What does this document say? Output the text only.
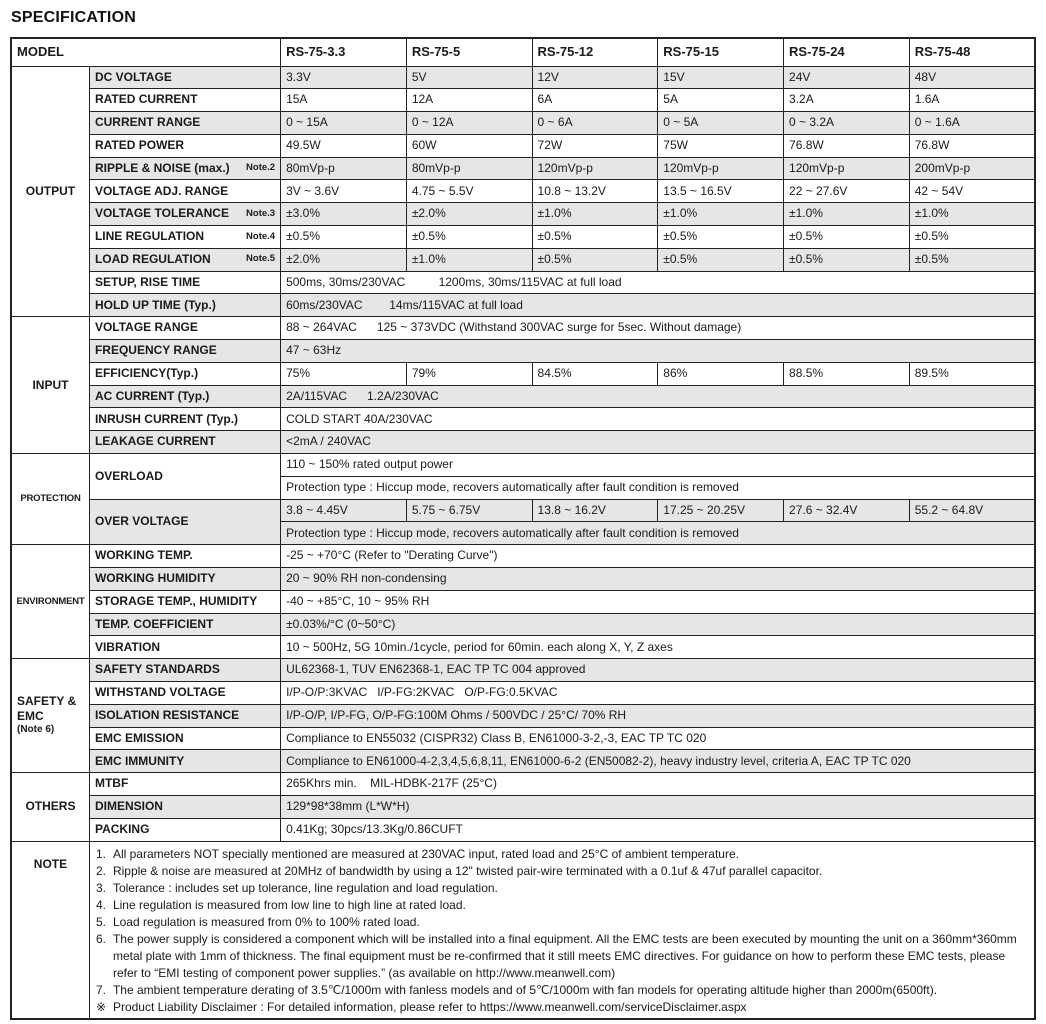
SPECIFICATION
MODEL		RS-75-3.3	RS-75-5	RS-75-12	RS-75-15	RS-75-24	RS-75-48

OUTPUT	DC VOLTAGE	3.3V	5V	12V	15V	24V	48V

	RATED CURRENT	15A	12A	6A	5A	3.2A	1.6A

	CURRENT RANGE	0 ~ 15A	0 ~ 12A	0 ~ 6A	0 ~ 5A	0 ~ 3.2A	0 ~ 1.6A

	RATED POWER	49.5W	60W	72W	75W	76.8W	76.8W

	RIPPLE & NOISE (max.) Note.2	80mVp-p	80mVp-p	120mVp-p	120mVp-p	120mVp-p	200mVp-p

	VOLTAGE ADJ. RANGE	3V ~ 3.6V	4.75 ~ 5.5V	10.8 ~ 13.2V	13.5 ~ 16.5V	22 ~ 27.6V	42 ~ 54V

	VOLTAGE TOLERANCE Note.3	±3.0%	±2.0%	±1.0%	±1.0%	±1.0%	±1.0%

	LINE REGULATION Note.4	±0.5%	±0.5%	±0.5%	±0.5%	±0.5%	±0.5%

	LOAD REGULATION Note.5	±2.0%	±1.0%	±0.5%	±0.5%	±0.5%	±0.5%

	SETUP, RISE TIME	500ms, 30ms/230VAC          1200ms, 30ms/115VAC at full load					

	HOLD UP TIME (Typ.)	60ms/230VAC        14ms/115VAC at full load					

INPUT	VOLTAGE RANGE	88 ~ 264VAC      125 ~ 373VDC (Withstand 300VAC surge for 5sec. Without damage)					

	FREQUENCY RANGE	47 ~ 63Hz					

	EFFICIENCY(Typ.)	75%	79%	84.5%	86%	88.5%	89.5%

	AC CURRENT (Typ.)	2A/115VAC      1.2A/230VAC					

	INRUSH CURRENT (Typ.)	COLD START 40A/230VAC					

	LEAKAGE CURRENT	<2mA / 240VAC					

PROTECTION	OVERLOAD	110 ~ 150% rated output power					
		Protection type : Hiccup mode, recovers automatically after fault condition is removed					

	OVER VOLTAGE	3.8 ~ 4.45V	5.75 ~ 6.75V	13.8 ~ 16.2V	17.25 ~ 20.25V	27.6 ~ 32.4V	55.2 ~ 64.8V
		Protection type : Hiccup mode, recovers automatically after fault condition is removed					

ENVIRONMENT	WORKING TEMP.	-25 ~ +70°C (Refer to "Derating Curve")					

	WORKING HUMIDITY	20 ~ 90% RH non-condensing					

	STORAGE TEMP., HUMIDITY	-40 ~ +85°C, 10 ~ 95% RH					

	TEMP. COEFFICIENT	±0.03%/°C (0~50°C)					

	VIBRATION	10 ~ 500Hz, 5G 10min./1cycle, period for 60min. each along X, Y, Z axes					

SAFETY &
EMC
(Note 6)	SAFETY STANDARDS	UL62368-1, TUV EN62368-1, EAC TP TC 004 approved					

	WITHSTAND VOLTAGE	I/P-O/P:3KVAC   I/P-FG:2KVAC   O/P-FG:0.5KVAC					

	ISOLATION RESISTANCE	I/P-O/P, I/P-FG, O/P-FG:100M Ohms / 500VDC / 25°C/ 70% RH					

	EMC EMISSION	Compliance to EN55032 (CISPR32) Class B, EN61000-3-2,-3, EAC TP TC 020					

	EMC IMMUNITY	Compliance to EN61000-4-2,3,4,5,6,8,11, EN61000-6-2 (EN50082-2), heavy industry level, criteria A, EAC TP TC 020					

OTHERS	MTBF	265Khrs min.    MIL-HDBK-217F (25°C)					

	DIMENSION	129*98*38mm (L*W*H)					

	PACKING	0.41Kg; 30pcs/13.3Kg/0.86CUFT					
NOTE	
1. All parameters NOT specially mentioned are measured at 230VAC input, rated load and 25°C of ambient temperature.
2. Ripple & noise are measured at 20MHz of bandwidth by using a 12" twisted pair-wire terminated with a 0.1uf & 47uf parallel capacitor.
3. Tolerance : includes set up tolerance, line regulation and load regulation.
4. Line regulation is measured from low line to high line at rated load.
5. Load regulation is measured from 0% to 100% rated load.
6. The power supply is considered a component which will be installed into a final equipment. All the EMC tests are been executed by mounting the unit on a 360mm*360mm metal plate with 1mm of thickness. The final equipment must be re-confirmed that it still meets EMC directives. For guidance on how to perform these EMC tests, please refer to “EMI testing of component power supplies.” (as available on http://www.meanwell.com)
7. The ambient temperature derating of 3.5℃/1000m with fanless models and of 5℃/1000m with fan models for operating altitude higher than 2000m(6500ft).
※ Product Liability Disclaimer : For detailed information, please refer to https://www.meanwell.com/serviceDisclaimer.aspx
